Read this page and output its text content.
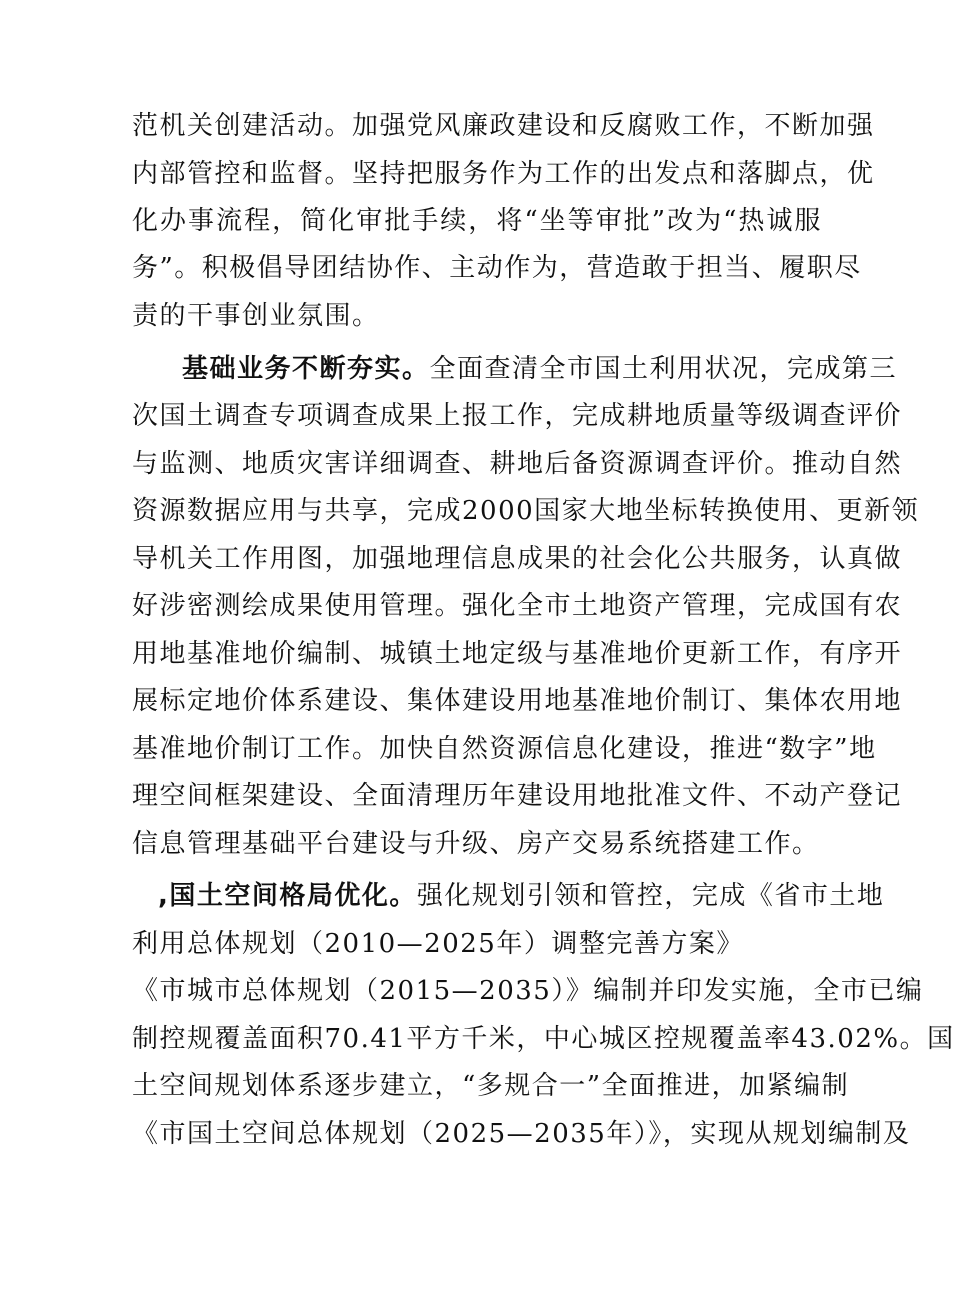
范机关创建活动。加强党风廉政建设和反腐败工作，不断加强
内部管控和监督。坚持把服务作为工作的出发点和落脚点，优
化办事流程，简化审批手续，将“坐等审批”改为“热诚服
务”。积极倡导团结协作、主动作为，营造敢于担当、履职尽
责的干事创业氛围。
基础业务不断夯实。全面查清全市国土利用状况，完成第三
次国土调查专项调查成果上报工作，完成耕地质量等级调查评价
与监测、地质灾害详细调查、耕地后备资源调查评价。推动自然
资源数据应用与共享，完成2000国家大地坐标转换使用、更新领
导机关工作用图，加强地理信息成果的社会化公共服务，认真做
好涉密测绘成果使用管理。强化全市土地资产管理，完成国有农
用地基准地价编制、城镇土地定级与基准地价更新工作，有序开
展标定地价体系建设、集体建设用地基准地价制订、集体农用地
基准地价制订工作。加快自然资源信息化建设，推进“数字”地
理空间框架建设、全面清理历年建设用地批准文件、不动产登记
信息管理基础平台建设与升级、房产交易系统搭建工作。
,国土空间格局优化。强化规划引领和管控，完成《省市土地
利用总体规划（2010—2025年）调整完善方案》
《市城市总体规划（2015—2035）》编制并印发实施，全市已编
制控规覆盖面积70.41平方千米，中心城区控规覆盖率43.02%。国
土空间规划体系逐步建立，“多规合一”全面推进，加紧编制
《市国土空间总体规划（2025—2035年）》，实现从规划编制及
